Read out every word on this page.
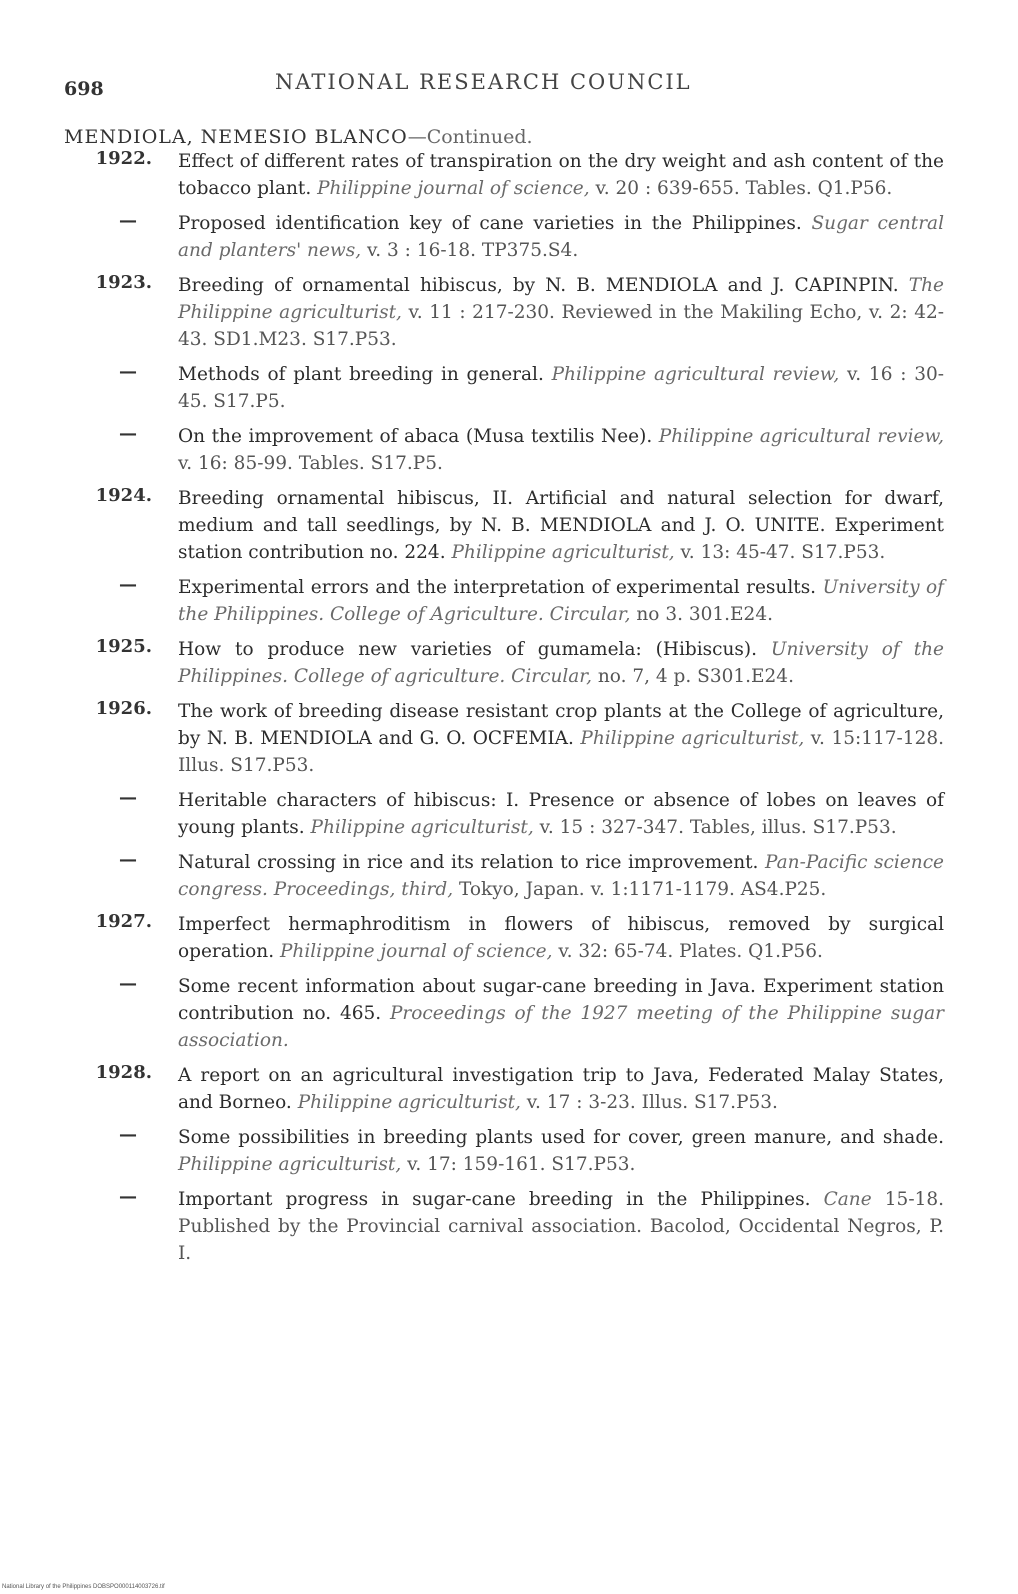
698	NATIONAL RESEARCH COUNCIL
MENDIOLA, NEMESIO BLANCO—Continued.
1922. Effect of different rates of transpiration on the dry weight and ash content of the tobacco plant. Philippine journal of science, v. 20 : 639-655. Tables. Q1.P56.
—	Proposed identification key of cane varieties in the Philippines. Sugar central and planters' news, v. 3 : 16-18. TP375.S4.
1923. Breeding of ornamental hibiscus, by N. B. MENDIOLA and J. CAPINPIN. The Philippine agriculturist, v. 11 : 217-230. Reviewed in the Makiling Echo, v. 2: 42-43. SD1.M23. S17.P53.
—	Methods of plant breeding in general. Philippine agricultural review, v. 16 : 30-45. S17.P5.
—	On the improvement of abaca (Musa textilis Nee). Philippine agricultural review, v. 16: 85-99. Tables. S17.P5.
1924. Breeding ornamental hibiscus, II. Artificial and natural selection for dwarf, medium and tall seedlings, by N. B. MENDIOLA and J. O. UNITE. Experiment station contribution no. 224. Philippine agriculturist, v. 13: 45-47. S17.P53.
—	Experimental errors and the interpretation of experimental results. University of the Philippines. College of Agriculture. Circular, no 3. 301.E24.
1925. How to produce new varieties of gumamela: (Hibiscus). University of the Philippines. College of agriculture. Circular, no. 7, 4 p. S301.E24.
1926. The work of breeding disease resistant crop plants at the College of agriculture, by N. B. MENDIOLA and G. O. OCFEMIA. Philippine agriculturist, v. 15:117-128. Illus. S17.P53.
—	Heritable characters of hibiscus: I. Presence or absence of lobes on leaves of young plants. Philippine agriculturist, v. 15 : 327-347. Tables, illus. S17.P53.
—	Natural crossing in rice and its relation to rice improvement. Pan-Pacific science congress. Proceedings, third, Tokyo, Japan. v. 1:1171-1179. AS4.P25.
1927. Imperfect hermaphroditism in flowers of hibiscus, removed by surgical operation. Philippine journal of science, v. 32: 65-74. Plates. Q1.P56.
—	Some recent information about sugar-cane breeding in Java. Experiment station contribution no. 465. Proceedings of the 1927 meeting of the Philippine sugar association.
1928. A report on an agricultural investigation trip to Java, Federated Malay States, and Borneo. Philippine agriculturist, v. 17 : 3-23. Illus. S17.P53.
—	Some possibilities in breeding plants used for cover, green manure, and shade. Philippine agriculturist, v. 17: 159-161. S17.P53.
—	Important progress in sugar-cane breeding in the Philippines. Cane 15-18. Published by the Provincial carnival association. Bacolod, Occidental Negros, P. I.
National Library of the Philippines DOBSPO000114003726.tif
